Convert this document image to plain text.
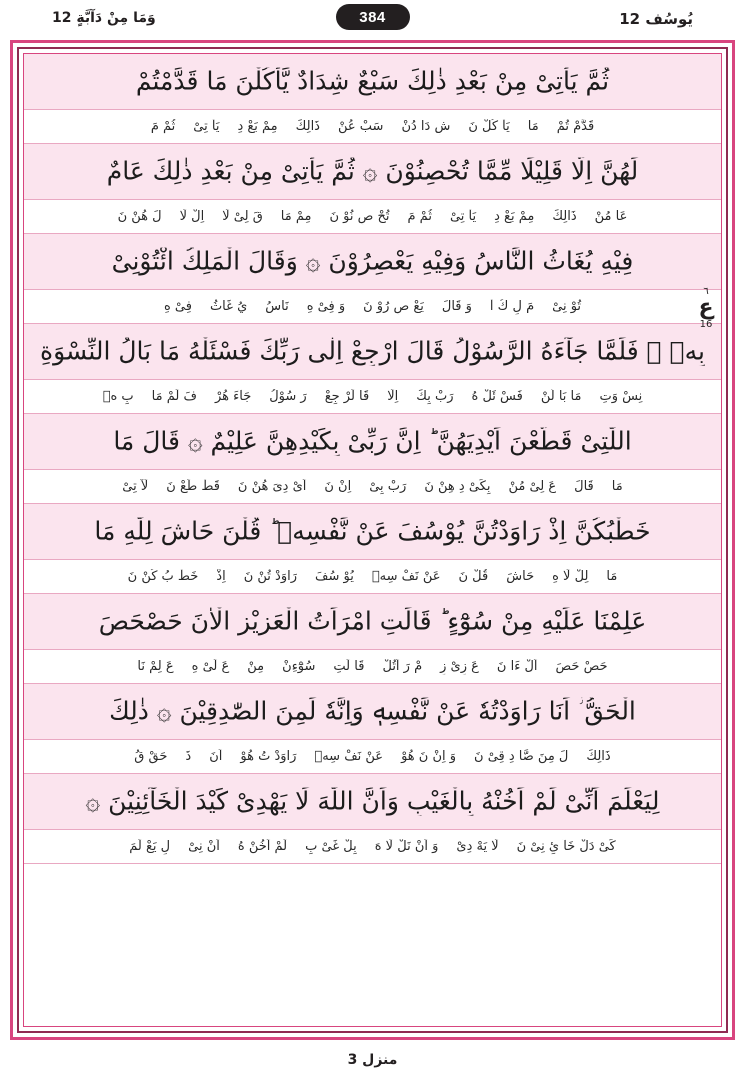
وَمَا مِنْ دَآبَّةٍ 12	384	يُوسُف 12
ثُمَّ يَأْتِىْ مِنْ بَعْدِ ذٰلِكَ سَبْعٌ شِدَادٌ يَّأْكُلْنَ مَا قَدَّمْتُمْ
قَدَّمْ تُمْمَايَاْ كُلْ نَشِ دَا دُنْسَبْ عُنْذَالِكَمِمْ بَعْ دِيَاْ تِىْثُمْ مَ
لَهُنَّ اِلَّا قَلِيْلًا مِّمَّا تُحْصِنُوْنَ ۞ ثُمَّ يَأْتِىْ مِنْ بَعْدِ ذٰلِكَ عَامٌ
عَا مُنْذَالِكَمِمْ بَعْ دِيَاْ تِىْثُمْ مَتُحْ صِ نُوْ نَمِمْ مَاقَ لِىْ لَااِلْ لَالَ هُنْ نَ
فِيْهِ يُغَاثُ النَّاسُ وَفِيْهِ يَعْصِرُوْنَ ۞ وَقَالَ الْمَلِكُ ائْتُوْنِىْ
تُوْ نِىْمَ لِ كُ اْوَ قَالَيَعْ صِ رُوْ نَوَ فِىْ هِنَاسُيُ غَاثُفِىْ هِ
بِهٖ ۚ فَلَمَّا جَآءَهُ الرَّسُوْلُ قَالَ ارْجِعْ اِلٰى رَبِّكَ فَسْئَلْهُ مَا بَالُ النِّسْوَةِ
نِسْ وَتِمَا بَا لُنْفَسْ ئَلْ هُرَبْ بِكَاِلَاقَا لَرْ جِعْرَ سُوْلُجَآءَ هُرْفَ لَمْ مَابِ هٖ
اللّٰتِىْ قَطَّعْنَ اَيْدِيَهُنَّ ؕ اِنَّ رَبِّىْ بِكَيْدِهِنَّ عَلِيْمٌ ۞ قَالَ مَا
مَاقَالَعَ لِىْ مُنْبِكَىْ دِ هِنْ نَرَبْ بِىْاِنْ نَاَىْ دِىَ هُنْ نَقَطْ طَعْ نَلَاْ تِىْ
خَطْبُكُنَّ اِذْ رَاوَدْتُنَّ يُوْسُفَ عَنْ نَّفْسِهٖ ؕ قُلْنَ حَاشَ لِلّٰهِ مَا
مَالِلْ لَا هِحَاشَقُلْ نَعَنْ نَفْ سِهٖيُوْ سُفَرَاوَدْ تُنْ نَاِذْخَطْ بُ كُنْ نَ
عَلِمْنَا عَلَيْهِ مِنْ سُوْٓءٍ ؕ قَالَتِ امْرَاَتُ الْعَزِيْزِ الْاٰنَ حَصْحَصَ
حَصْ حَصَاَلْ ءَا نَعَ زِىْ زِمْ رَ اَتُلْقَا لَتِسُوْٓءِنْمِنْعَ لَىْ هِعَ لِمْ نَا
الْحَقُّ ؗ اَنَا رَاوَدْتُهٗ عَنْ نَّفْسِهٖ وَاِنَّهٗ لَمِنَ الصّٰدِقِيْنَ ۞ ذٰلِكَ
ذَالِكَلَ مِنَ صَّا دِ قِىْ نَوَ اِنْ نَ هُوْعَنْ نَفْ سِهٖرَاوَدْ تُ هُوْاَنَذَحَقْ قُ
لِيَعْلَمَ اَنِّىْ لَمْ اَخُنْهُ بِالْغَيْبِ وَاَنَّ اللّٰهَ لَا يَهْدِىْ كَيْدَ الْخَآئِنِيْنَ ۞
كَىْ دَلْ خَآ ئِ نِىْ نَلَا يَهْ دِىْوَ اَنْ نَلْ لَا هَبِلْ غَىْ بِلَمْ اَخُنْ هُاَنْ نِىْلِ يَعْ لَمَ
٦
ع
16
منزل 3
